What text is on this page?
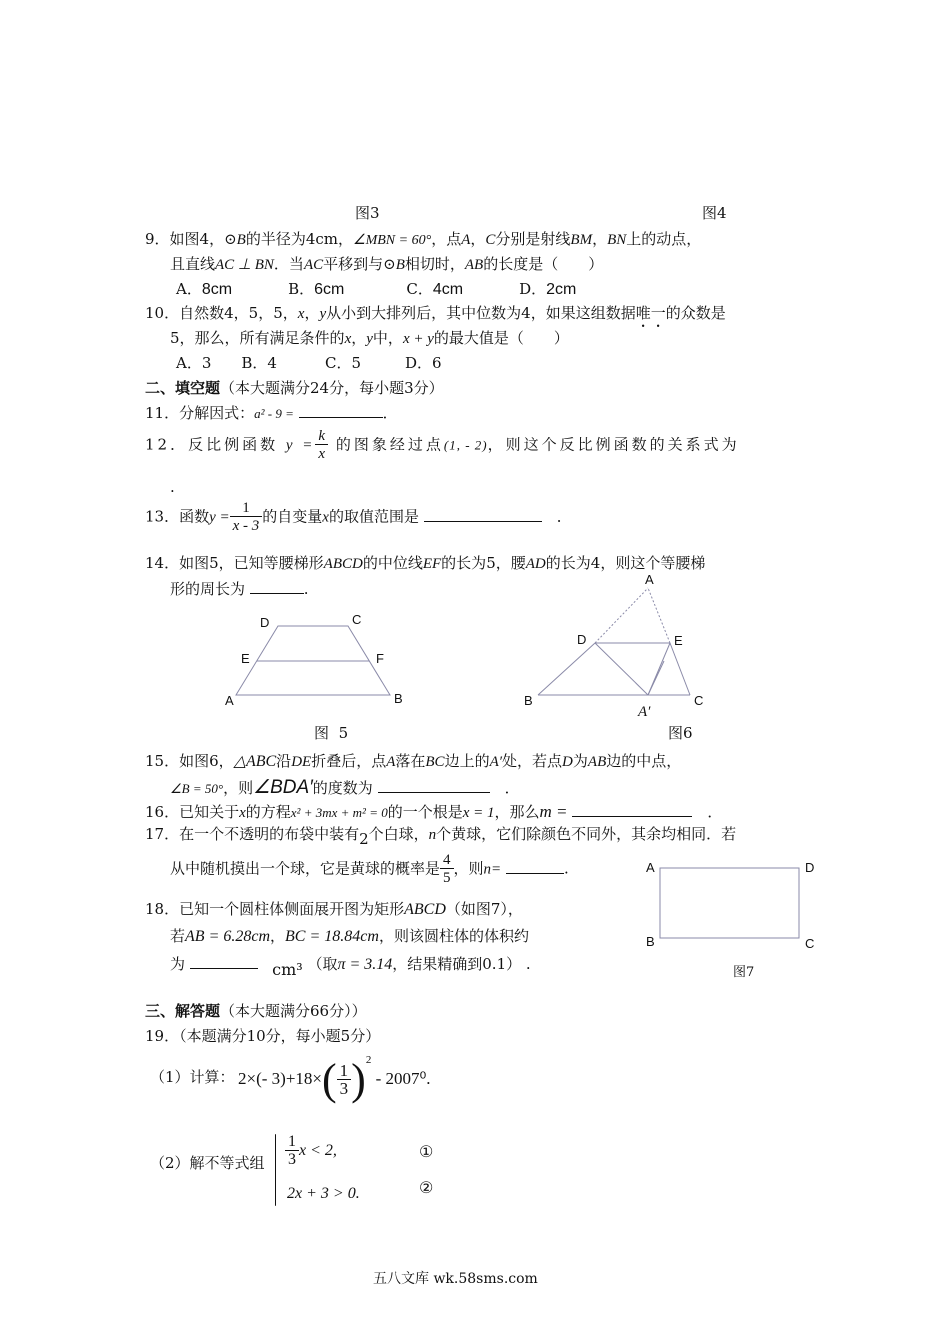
图3	图4
9．如图4，⊙B的半径为4cm，∠MBN = 60°，点A，C分别是射线BM，BN上的动点，
且直线AC ⊥ BN．当AC平移到与⊙B相切时，AB的长度是（　　）
A．8cm	B．6cm	C．4cm	D．2cm
10．自然数4，5，5，x，y从小到大排列后，其中位数为4，如果这组数据唯一的众数是
5，那么，所有满足条件的x，y中，x + y的最大值是（　　）
A．3 B．4	C．5	D．6
二、填空题（本大题满分24分，每小题3分）
11．分解因式：a² - 9 =	．
12．反比例函数 $y = \frac{k}{x}$ 的图象经过点(1, - 2)，则这个反比例函数的关系式为
.
13．函数$y = \frac{1}{x - 3}$ 的自变量x的取值范围是 　	．
14．如图5，已知等腰梯形ABCD的中位线EF的长为5，腰AD的长为4，则这个等腰梯
形的周长为	.
D	C
E	F
A	B
图 5
A
D	E
B	C
A′
图6
15．如图6，△ABC沿DE折叠后，点A落在BC边上的A′处，若点D为AB边的中点，
∠B = 50°，则∠BDA′的度数为 　	．
16．已知关于x的方程x² + 3mx + m² = 0的一个根是x = 1，那么m = 　	．
17．在一个不透明的布袋中装有2个白球，n个黄球，它们除颜色不同外，其余均相同．若
从中随机摸出一个球，它是黄球的概率是 $\frac{4}{5}$ ，则n=	.	A	D
B	C
图7
18．已知一个圆柱体侧面展开图为矩形ABCD（如图7），
若AB = 6.28cm，BC = 18.84cm，则该圆柱体的体积约
为	cm³ （取π = 3.14，结果精确到0.1） .
三、解答题（本大题满分66分））
19．（本题满分10分，每小题5分）
（1）计算： 2×(- $3)+18\times( \frac{1}{3} )^2 - 2007^0$.
（2）解不等式组 $\frac{1}{3}$ x < 2,
2x + 3 > 0.
①
②
五八文库 wk.58sms.com
